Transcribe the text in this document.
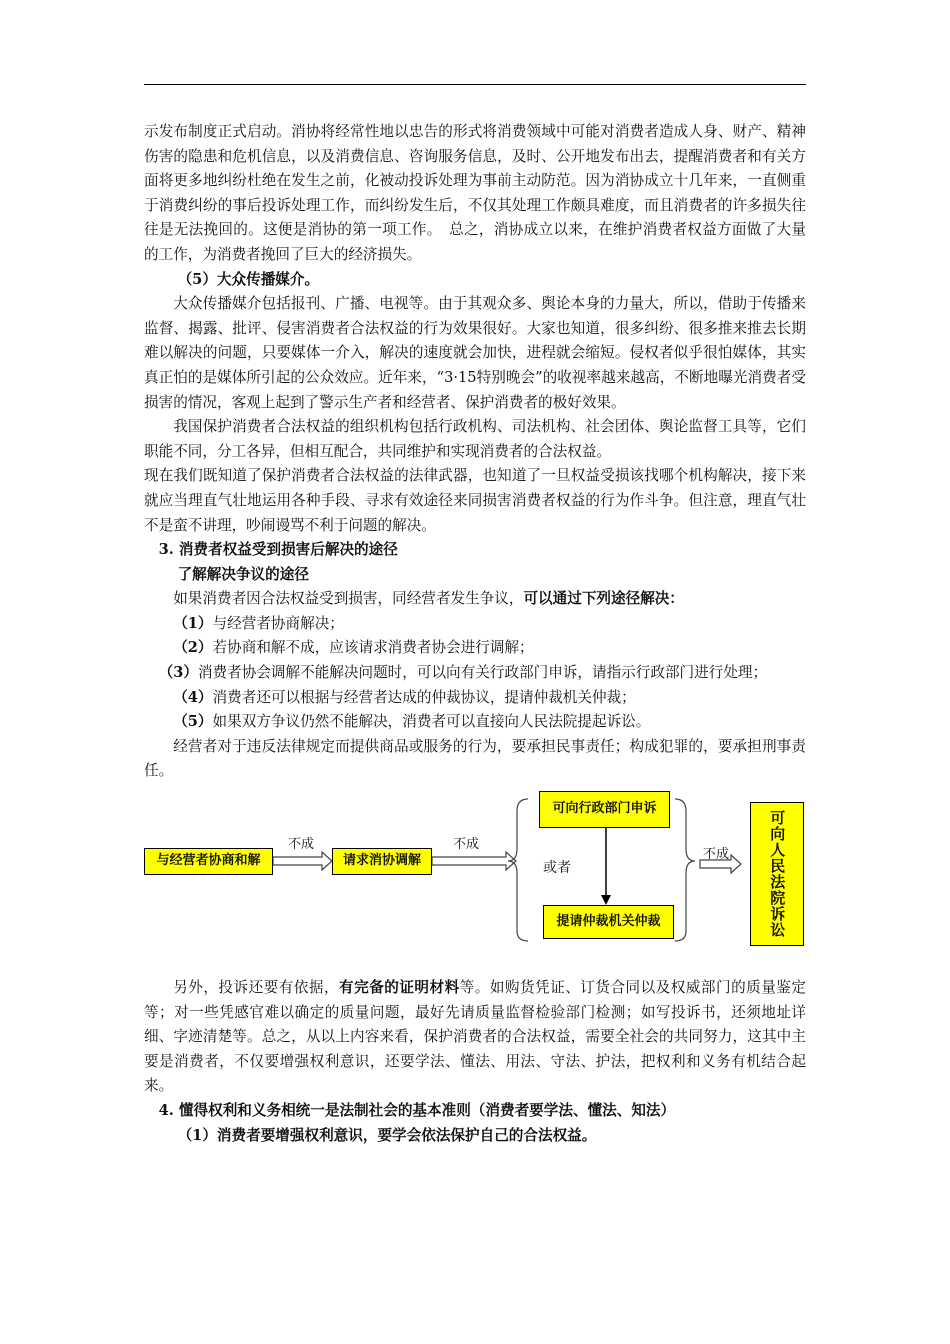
示发布制度正式启动。消协将经常性地以忠告的形式将消费领域中可能对消费者造成人身、财产、精神伤害的隐患和危机信息，以及消费信息、咨询服务信息，及时、公开地发布出去，提醒消费者和有关方面将更多地纠纷杜绝在发生之前，化被动投诉处理为事前主动防范。因为消协成立十几年来，一直侧重于消费纠纷的事后投诉处理工作，而纠纷发生后，不仅其处理工作颇具难度，而且消费者的许多损失往往是无法挽回的。这便是消协的第一项工作。　总之，消协成立以来，在维护消费者权益方面做了大量的工作，为消费者挽回了巨大的经济损失。

（5）大众传播媒介。

大众传播媒介包括报刊、广播、电视等。由于其观众多、舆论本身的力量大，所以，借助于传播来监督、揭露、批评、侵害消费者合法权益的行为效果很好。大家也知道，很多纠纷、很多推来推去长期难以解决的问题，只要媒体一介入，解决的速度就会加快，进程就会缩短。侵权者似乎很怕媒体，其实真正怕的是媒体所引起的公众效应。近年来，“3·15特别晚会”的收视率越来越高，不断地曝光消费者受损害的情况，客观上起到了警示生产者和经营者、保护消费者的极好效果。

我国保护消费者合法权益的组织机构包括行政机构、司法机构、社会团体、舆论监督工具等，它们职能不同，分工各异，但相互配合，共同维护和实现消费者的合法权益。

现在我们既知道了保护消费者合法权益的法律武器，也知道了一旦权益受损该找哪个机构解决，接下来就应当理直气壮地运用各种手段、寻求有效途径来同损害消费者权益的行为作斗争。但注意，理直气壮不是蛮不讲理，吵闹谩骂不利于问题的解决。

3. 消费者权益受到损害后解决的途径

了解解决争议的途径

如果消费者因合法权益受到损害，同经营者发生争议，可以通过下列途径解决：

（1）与经营者协商解决；

（2）若协商和解不成，应该请求消费者协会进行调解；

（3）消费者协会调解不能解决问题时，可以向有关行政部门申诉，请指示行政部门进行处理；

（4）消费者还可以根据与经营者达成的仲裁协议，提请仲裁机关仲裁；

（5）如果双方争议仍然不能解决，消费者可以直接向人民法院提起诉讼。

经营者对于违反法律规定而提供商品或服务的行为，要承担民事责任；构成犯罪的，要承担刑事责任。

与经营者协商和解
不成
请求消协调解
不成
可向行政部门申诉
或者
提请仲裁机关仲裁
不成	可向人民法院诉讼

另外，投诉还要有依据，有完备的证明材料等。如购货凭证、订货合同以及权威部门的质量鉴定等；对一些凭感官难以确定的质量问题，最好先请质量监督检验部门检测；如写投诉书，还须地址详细、字迹清楚等。总之，从以上内容来看，保护消费者的合法权益，需要全社会的共同努力，这其中主要是消费者，不仅要增强权利意识，还要学法、懂法、用法、守法、护法，把权利和义务有机结合起来。

4. 懂得权利和义务相统一是法制社会的基本准则（消费者要学法、懂法、知法）

（1）消费者要增强权利意识，要学会依法保护自己的合法权益。
